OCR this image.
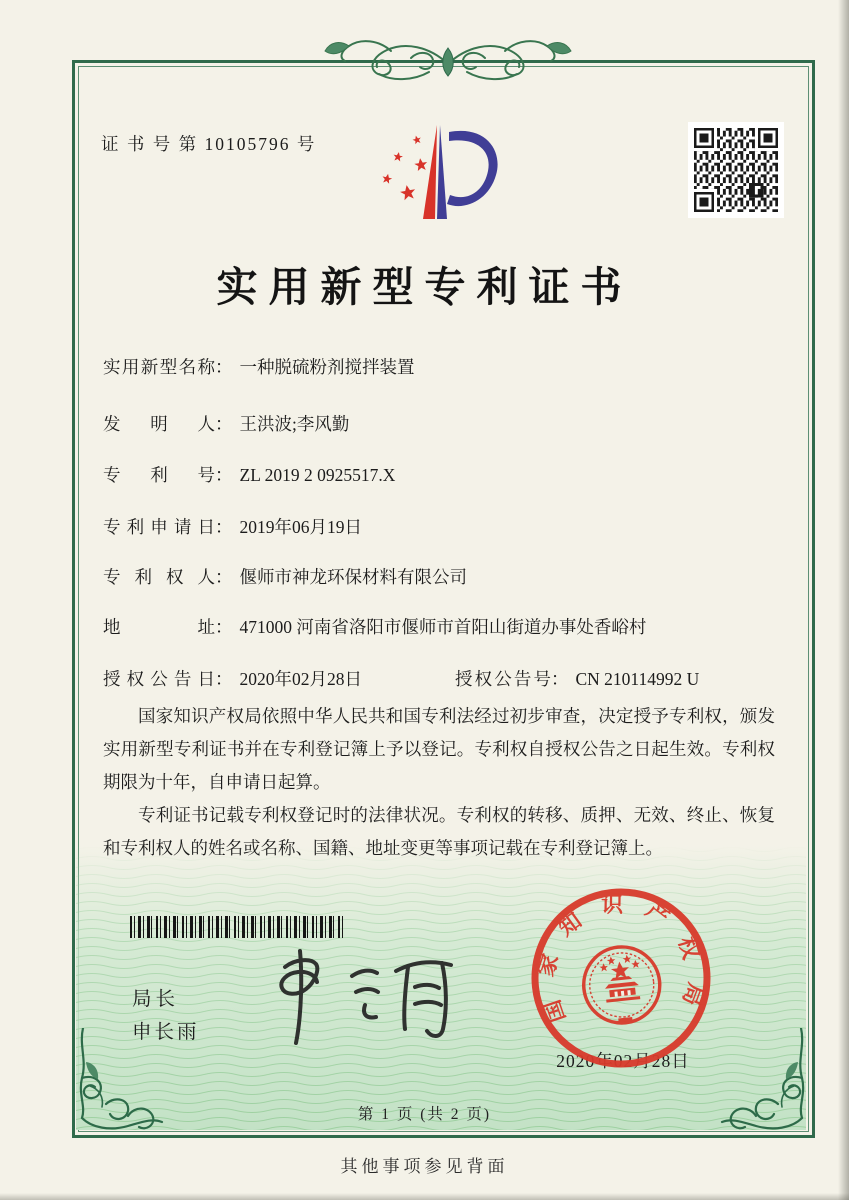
证 书 号 第 10105796 号
实用新型专利证书
实用新型名称： 一种脱硫粉剂搅拌装置
发明人： 王洪波;李风勤
专利号： ZL 2019 2 0925517.X
专利申请日： 2019年06月19日
专利权人： 偃师市神龙环保材料有限公司
地址： 471000 河南省洛阳市偃师市首阳山街道办事处香峪村
授权公告日： 2020年02月28日	授权公告号： CN 210114992 U

国家知识产权局依照中华人民共和国专利法经过初步审查，决定授予专利权，颁发实用新型专利证书并在专利登记簿上予以登记。专利权自授权公告之日起生效。专利权期限为十年，自申请日起算。

专利证书记载专利权登记时的法律状况。专利权的转移、质押、无效、终止、恢复和专利权人的姓名或名称、国籍、地址变更等事项记载在专利登记簿上。

局长
申长雨
2020年02月28日
国家知识产权局
第 1 页 (共 2 页)
其他事项参见背面
